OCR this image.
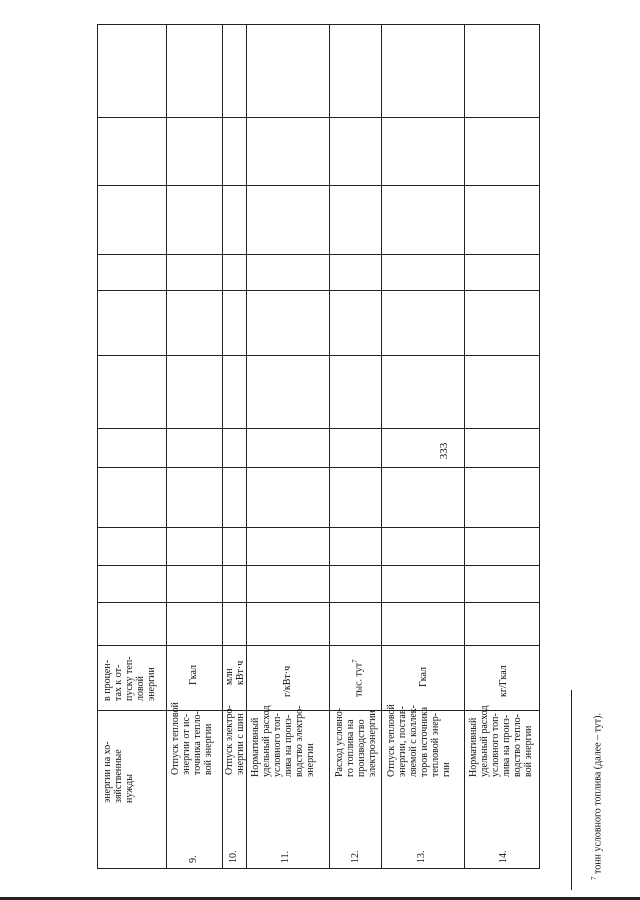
333
энергии на хо- зяйственные нужды
в процен- тах к от- пуску теп- ловой энергии
9.
Отпуск тепловой энергии от ис- точника тепло- вой энергии
Гкал
10.
Отпуск электро- энергии с шин
млн кВт·ч
11.
Нормативный удельный расход условного топ- лива на произ- водство электро- энергии
г/кВт·ч
12.
Расход условно- го топлива на производство электроэнергии
тыс. тут$^7$
13.
Отпуск тепловой энергии, постав- ляемой с коллек- торов источника тепловой энер- гии
Гкал
14.
Нормативный удельный расход условного топ- лива на произ- водство тепло- вой энергии
кг/Гкал
$^7$ тонн условного топлива (далее – тут).
